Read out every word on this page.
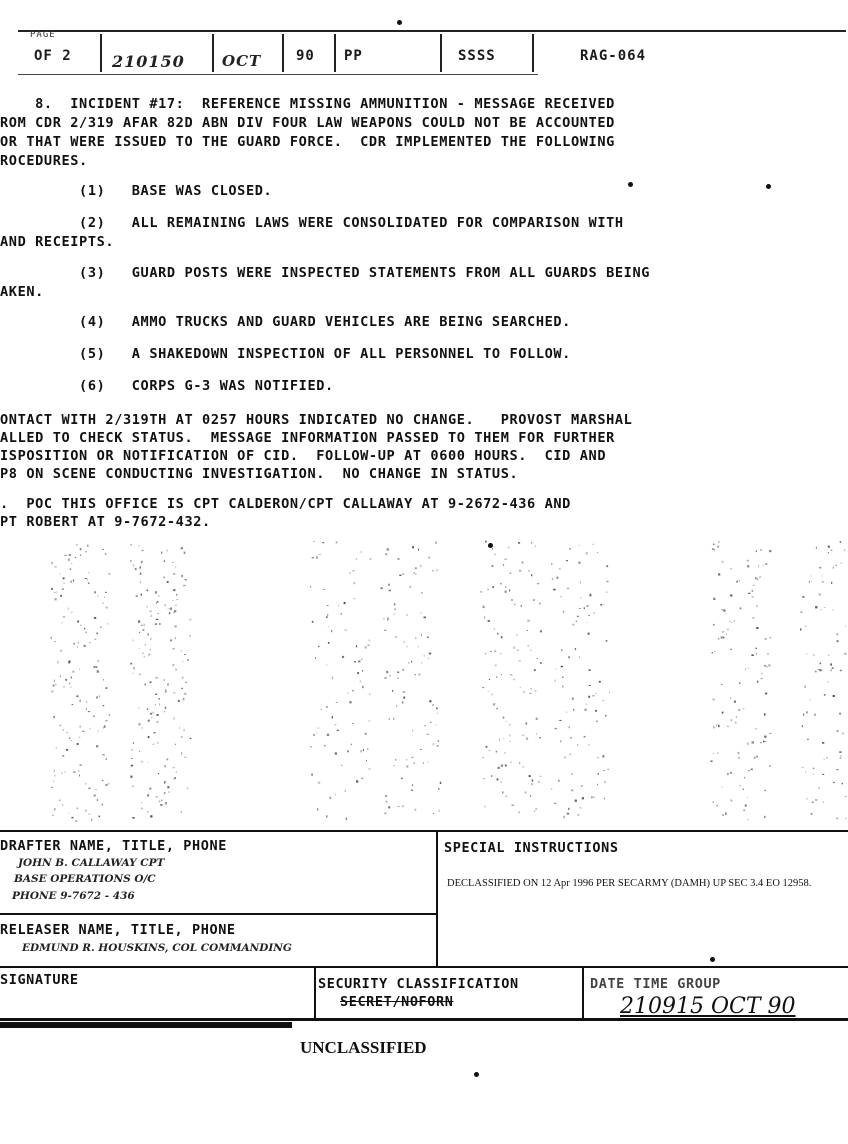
PAGE
OF 2	210150 OCT 90 PP	SSSS	RAG-064
8.  INCIDENT #17:  REFERENCE MISSING AMMUNITION - MESSAGE RECEIVED
ROM CDR 2/319 AFAR 82D ABN DIV FOUR LAW WEAPONS COULD NOT BE ACCOUNTED
OR THAT WERE ISSUED TO THE GUARD FORCE.  CDR IMPLEMENTED THE FOLLOWING
ROCEDURES.
(1)   BASE WAS CLOSED.
(2)   ALL REMAINING LAWS WERE CONSOLIDATED FOR COMPARISON WITH
AND RECEIPTS.
(3)   GUARD POSTS WERE INSPECTED STATEMENTS FROM ALL GUARDS BEING
AKEN.
(4)   AMMO TRUCKS AND GUARD VEHICLES ARE BEING SEARCHED.
(5)   A SHAKEDOWN INSPECTION OF ALL PERSONNEL TO FOLLOW.
(6)   CORPS G-3 WAS NOTIFIED.
ONTACT WITH 2/319TH AT 0257 HOURS INDICATED NO CHANGE.   PROVOST MARSHAL
ALLED TO CHECK STATUS.  MESSAGE INFORMATION PASSED TO THEM FOR FURTHER
ISPOSITION OR NOTIFICATION OF CID.  FOLLOW-UP AT 0600 HOURS.  CID AND
P8 ON SCENE CONDUCTING INVESTIGATION.  NO CHANGE IN STATUS.
.  POC THIS OFFICE IS CPT CALDERON/CPT CALLAWAY AT 9-2672-436 AND
PT ROBERT AT 9-7672-432.
DRAFTER NAME, TITLE, PHONE
JOHN B. CALLAWAY CPT
BASE OPERATIONS O/C
PHONE 9-7672 - 436
SPECIAL INSTRUCTIONS
DECLASSIFIED ON 12 Apr 1996 PER SECARMY (DAMH) UP SEC 3.4 EO 12958.
RELEASER NAME, TITLE, PHONE
EDMUND R. HOUSKINS, COL COMMANDING
SIGNATURE	SECURITY CLASSIFICATION
SECRET/NOFORN
DATE TIME GROUP
210915 OCT 90
UNCLASSIFIED
